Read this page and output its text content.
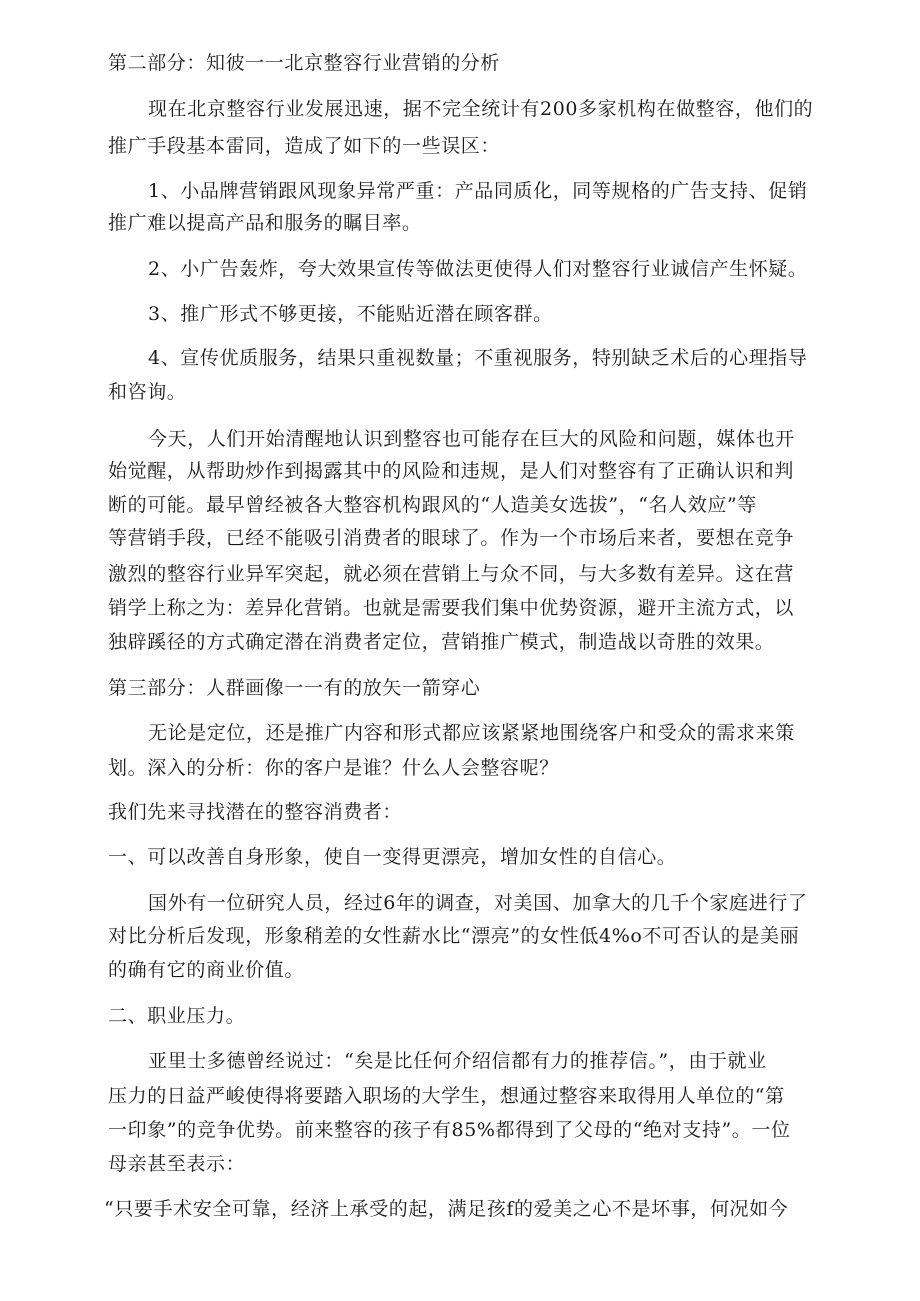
第二部分：知彼一一北京整容行业营销的分析
现在北京整容行业发展迅速，据不完全统计有200多家机构在做整容，他们的
推广手段基本雷同，造成了如下的一些误区：
1、小品牌营销跟风现象异常严重：产品同质化，同等规格的广告支持、促销
推广难以提高产品和服务的瞩目率。
2、小广告轰炸，夸大效果宣传等做法更使得人们对整容行业诚信产生怀疑。
3、推广形式不够更接，不能贴近潜在顾客群。
4、宣传优质服务，结果只重视数量；不重视服务，特别缺乏术后的心理指导
和咨询。
今天，人们开始清醒地认识到整容也可能存在巨大的风险和问题，媒体也开
始觉醒，从帮助炒作到揭露其中的风险和违规，是人们对整容有了正确认识和判
断的可能。最早曾经被各大整容机构跟风的“人造美女选拔”，“名人效应”等
等营销手段，已经不能吸引消费者的眼球了。作为一个市场后来者，要想在竞争
激烈的整容行业异军突起，就必须在营销上与众不同，与大多数有差异。这在营
销学上称之为：差异化营销。也就是需要我们集中优势资源，避开主流方式，以
独辟蹊径的方式确定潜在消费者定位，营销推广模式，制造战以奇胜的效果。
第三部分：人群画像一一有的放矢一箭穿心
无论是定位，还是推广内容和形式都应该紧紧地围绕客户和受众的需求来策
划。深入的分析：你的客户是谁？什么人会整容呢？
我们先来寻找潜在的整容消费者：
一、可以改善自身形象，使自一变得更漂亮，增加女性的自信心。
国外有一位研究人员，经过6年的调查，对美国、加拿大的几千个家庭进行了
对比分析后发现，形象稍差的女性薪水比“漂亮”的女性低4%o不可否认的是美丽
的确有它的商业价值。
二、职业压力。
亚里士多德曾经说过：“矣是比任何介绍信都有力的推荐信。”，由于就业
压力的日益严峻使得将要踏入职场的大学生，想通过整容来取得用人单位的“第
一印象”的竞争优势。前来整容的孩子有85%都得到了父母的“绝对支持”。一位
母亲甚至表示：
“只要手术安全可靠，经济上承受的起，满足孩f的爱美之心不是坏事，何况如今
